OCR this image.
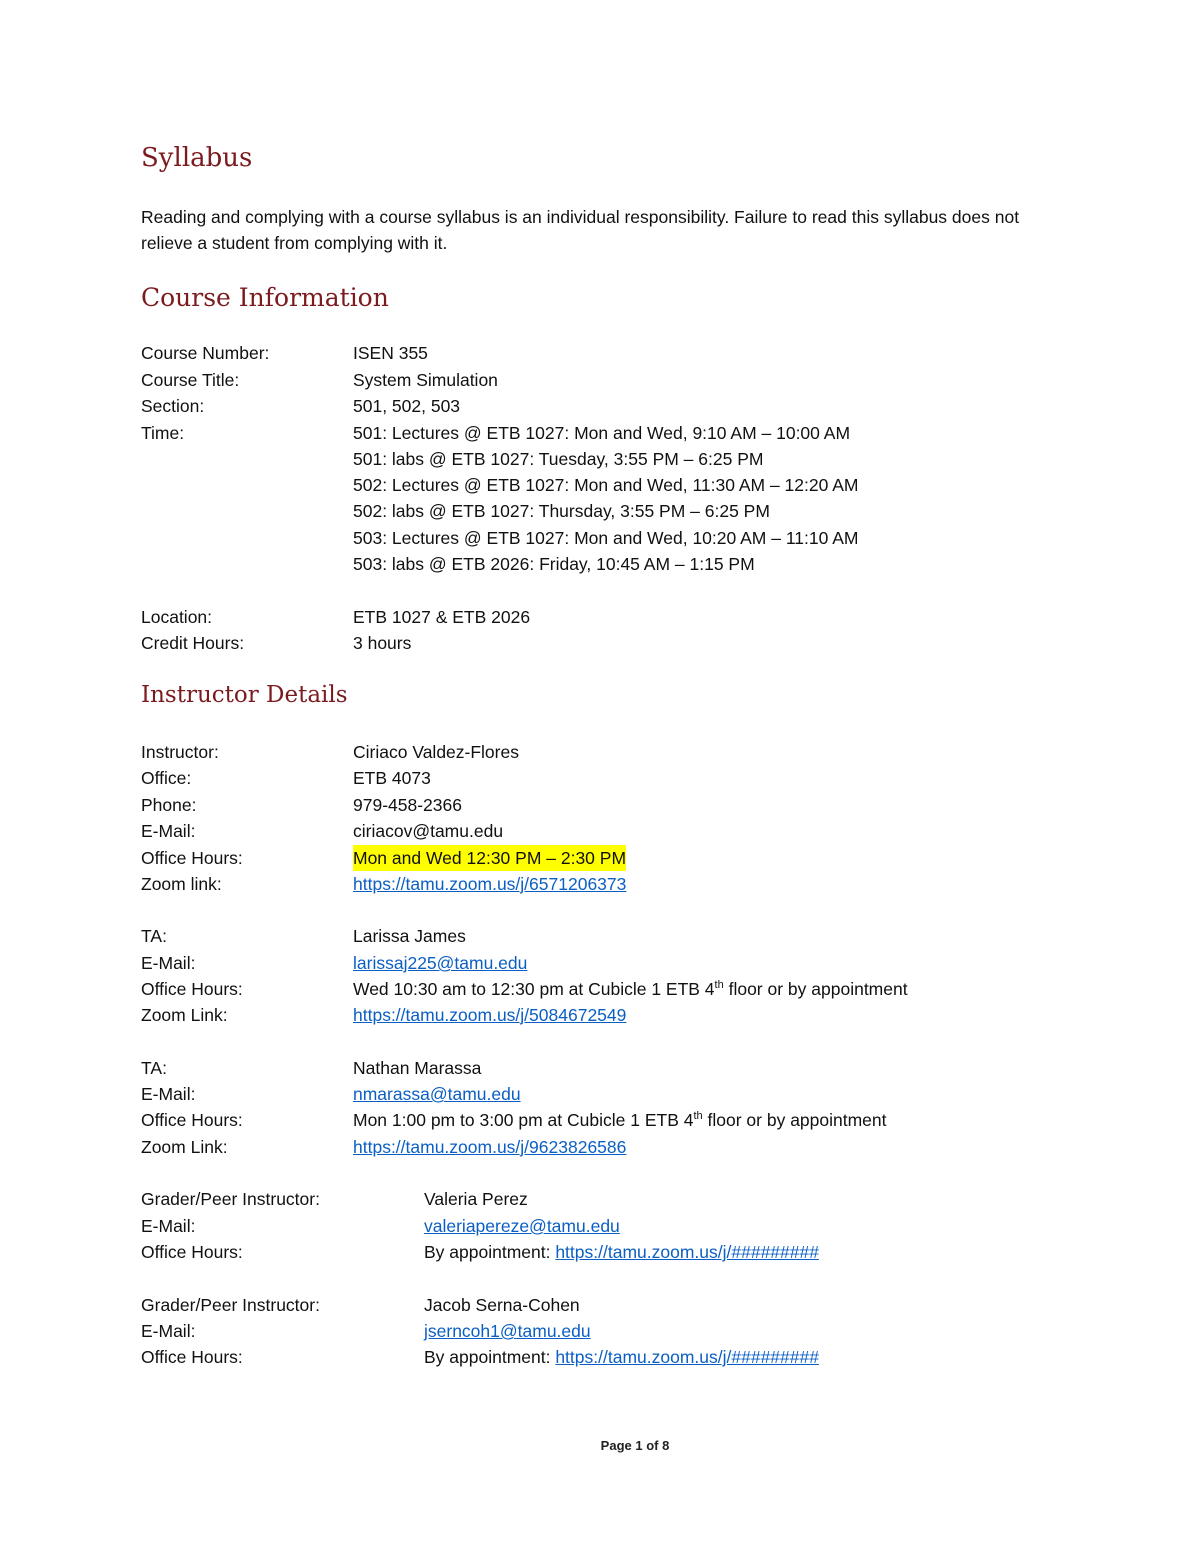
Syllabus

Reading and complying with a course syllabus is an individual responsibility. Failure to read this syllabus does not relieve a student from complying with it.

Course Information
Course Number:	ISEN 355
Course Title:	System Simulation
Section:	501, 502, 503
Time:	501: Lectures @ ETB 1027: Mon and Wed, 9:10 AM – 10:00 AM
501: labs @ ETB 1027: Tuesday, 3:55 PM – 6:25 PM
502: Lectures @ ETB 1027: Mon and Wed, 11:30 AM – 12:20 AM
502: labs @ ETB 1027: Thursday, 3:55 PM – 6:25 PM
503: Lectures @ ETB 1027: Mon and Wed, 10:20 AM – 11:10 AM
503: labs @ ETB 2026: Friday, 10:45 AM – 1:15 PM
Location:	ETB 1027 & ETB 2026
Credit Hours:	3 hours
Instructor Details
Instructor:	Ciriaco Valdez-Flores
Office:	ETB 4073
Phone:	979-458-2366
E-Mail:	ciriacov@tamu.edu
Office Hours:	Mon and Wed 12:30 PM – 2:30 PM
Zoom link:	https://tamu.zoom.us/j/6571206373
TA:	Larissa James
E-Mail:	larissaj225@tamu.edu
Office Hours:	Wed 10:30 am to 12:30 pm at Cubicle 1 ETB 4th floor or by appointment
Zoom Link:	https://tamu.zoom.us/j/5084672549
TA:	Nathan Marassa
E-Mail:	nmarassa@tamu.edu
Office Hours:	Mon 1:00 pm to 3:00 pm at Cubicle 1 ETB 4th floor or by appointment
Zoom Link:	https://tamu.zoom.us/j/9623826586
Grader/Peer Instructor:	Valeria Perez
E-Mail:	valeriapereze@tamu.edu
Office Hours:	By appointment: https://tamu.zoom.us/j/#########
Grader/Peer Instructor:	Jacob Serna-Cohen
E-Mail:	jserncoh1@tamu.edu
Office Hours:	By appointment: https://tamu.zoom.us/j/#########
Page 1 of 8
